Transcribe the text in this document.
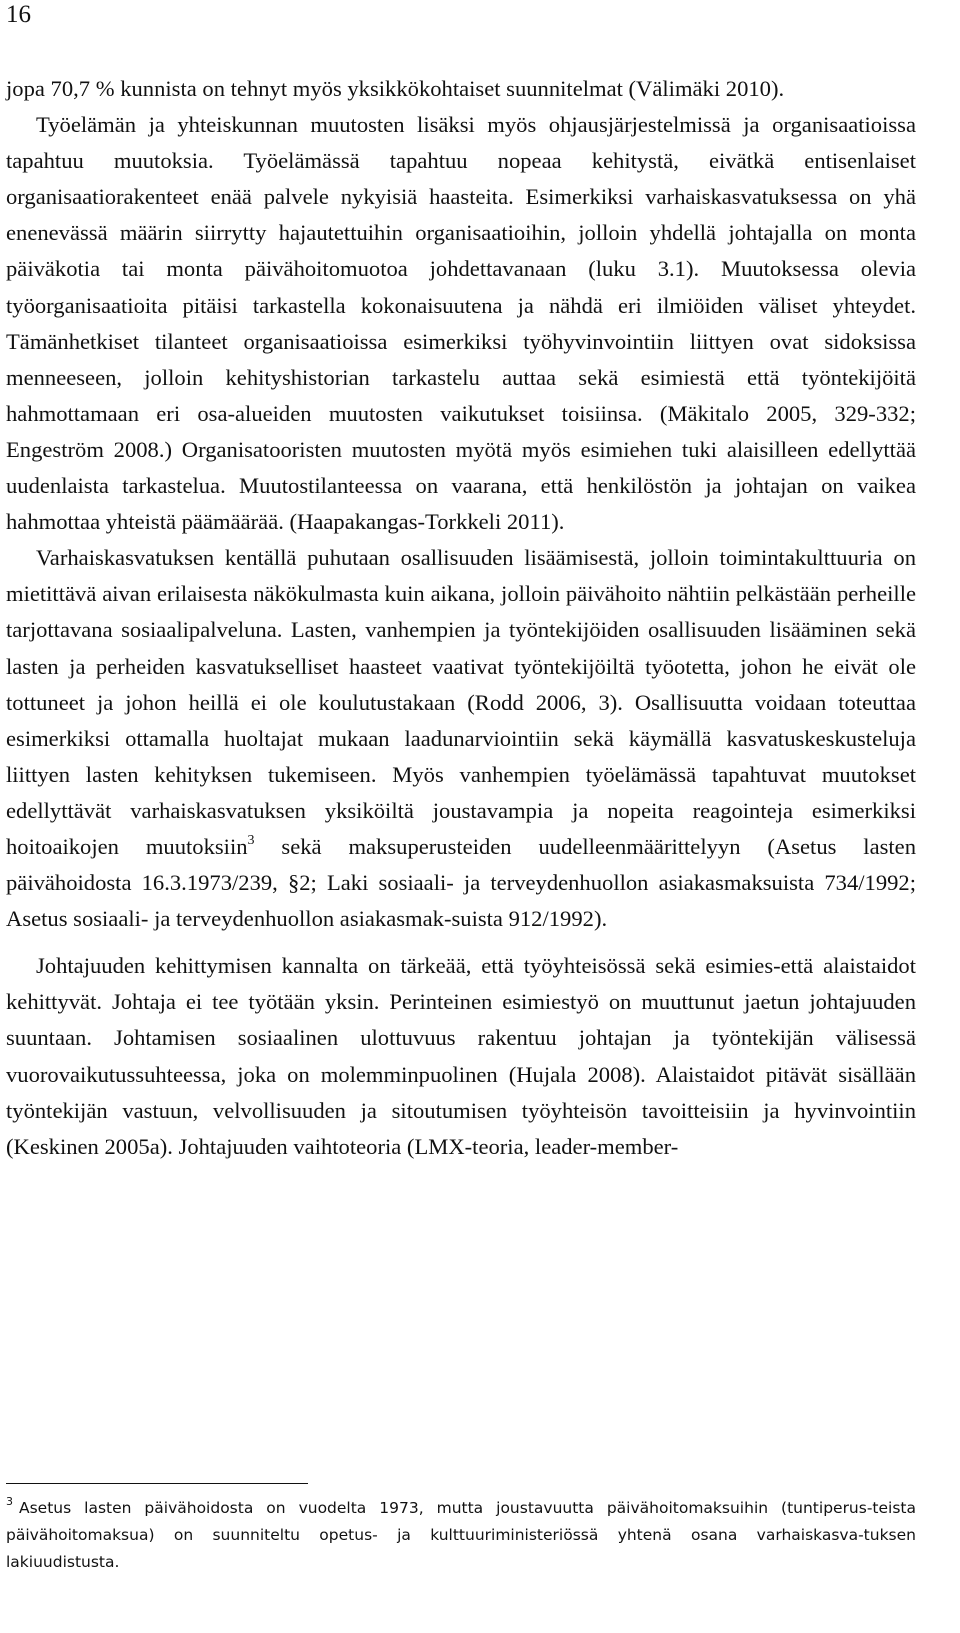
16

jopa 70,7 % kunnista on tehnyt myös yksikkökohtaiset suunnitelmat (Välimäki 2010).

Työelämän ja yhteiskunnan muutosten lisäksi myös ohjausjärjestelmissä ja organisaatioissa tapahtuu muutoksia. Työelämässä tapahtuu nopeaa kehitystä, eivätkä entisenlaiset organisaatiorakenteet enää palvele nykyisiä haasteita. Esimerkiksi varhaiskasvatuksessa on yhä enenevässä määrin siirrytty hajautettuihin organisaatioihin, jolloin yhdellä johtajalla on monta päiväkotia tai monta päivähoitomuotoa johdettavanaan (luku 3.1). Muutoksessa olevia työorganisaatioita pitäisi tarkastella kokonaisuutena ja nähdä eri ilmiöiden väliset yhteydet. Tämänhetkiset tilanteet organisaatioissa esimerkiksi työhyvinvointiin liittyen ovat sidoksissa menneeseen, jolloin kehityshistorian tarkastelu auttaa sekä esimiestä että työntekijöitä hahmottamaan eri osa-alueiden muutosten vaikutukset toisiinsa. (Mäkitalo 2005, 329-332; Engeström 2008.) Organisatooristen muutosten myötä myös esimiehen tuki alaisilleen edellyttää uudenlaista tarkastelua. Muutostilanteessa on vaarana, että henkilöstön ja johtajan on vaikea hahmottaa yhteistä päämäärää. (Haapakangas-Torkkeli 2011).

Varhaiskasvatuksen kentällä puhutaan osallisuuden lisäämisestä, jolloin toimintakulttuuria on mietittävä aivan erilaisesta näkökulmasta kuin aikana, jolloin päivähoito nähtiin pelkästään perheille tarjottavana sosiaalipalveluna. Lasten, vanhempien ja työntekijöiden osallisuuden lisääminen sekä lasten ja perheiden kasvatukselliset haasteet vaativat työntekijöiltä työotetta, johon he eivät ole tottuneet ja johon heillä ei ole koulutustakaan (Rodd 2006, 3). Osallisuutta voidaan toteuttaa esimerkiksi ottamalla huoltajat mukaan laadunarviointiin sekä käymällä kasvatuskeskusteluja liittyen lasten kehityksen tukemiseen. Myös vanhempien työelämässä tapahtuvat muutokset edellyttävät varhaiskasvatuksen yksiköiltä joustavampia ja nopeita reagointeja esimerkiksi hoitoaikojen muutoksiin$^3$ sekä maksuperusteiden uudelleenmäärittelyyn (Asetus lasten päivähoidosta 16.3.1973/239, §2; Laki sosiaali- ja terveydenhuollon asiakasmaksuista 734/1992; Asetus sosiaali- ja terveydenhuollon asiakasmak-suista 912/1992).

Johtajuuden kehittymisen kannalta on tärkeää, että työyhteisössä sekä esimies-että alaistaidot kehittyvät. Johtaja ei tee työtään yksin. Perinteinen esimiestyö on muuttunut jaetun johtajuuden suuntaan. Johtamisen sosiaalinen ulottuvuus rakentuu johtajan ja työntekijän välisessä vuorovaikutussuhteessa, joka on molemminpuolinen (Hujala 2008). Alaistaidot pitävät sisällään työntekijän vastuun, velvollisuuden ja sitoutumisen työyhteisön tavoitteisiin ja hyvinvointiin (Keskinen 2005a). Johtajuuden vaihtoteoria (LMX-teoria, leader-member-

$^3$ Asetus lasten päivähoidosta on vuodelta 1973, mutta joustavuutta päivähoitomaksuihin (tuntiperus-teista päivähoitomaksua) on suunniteltu opetus- ja kulttuuriministeriössä yhtenä osana varhaiskasva-tuksen lakiuudistusta.
